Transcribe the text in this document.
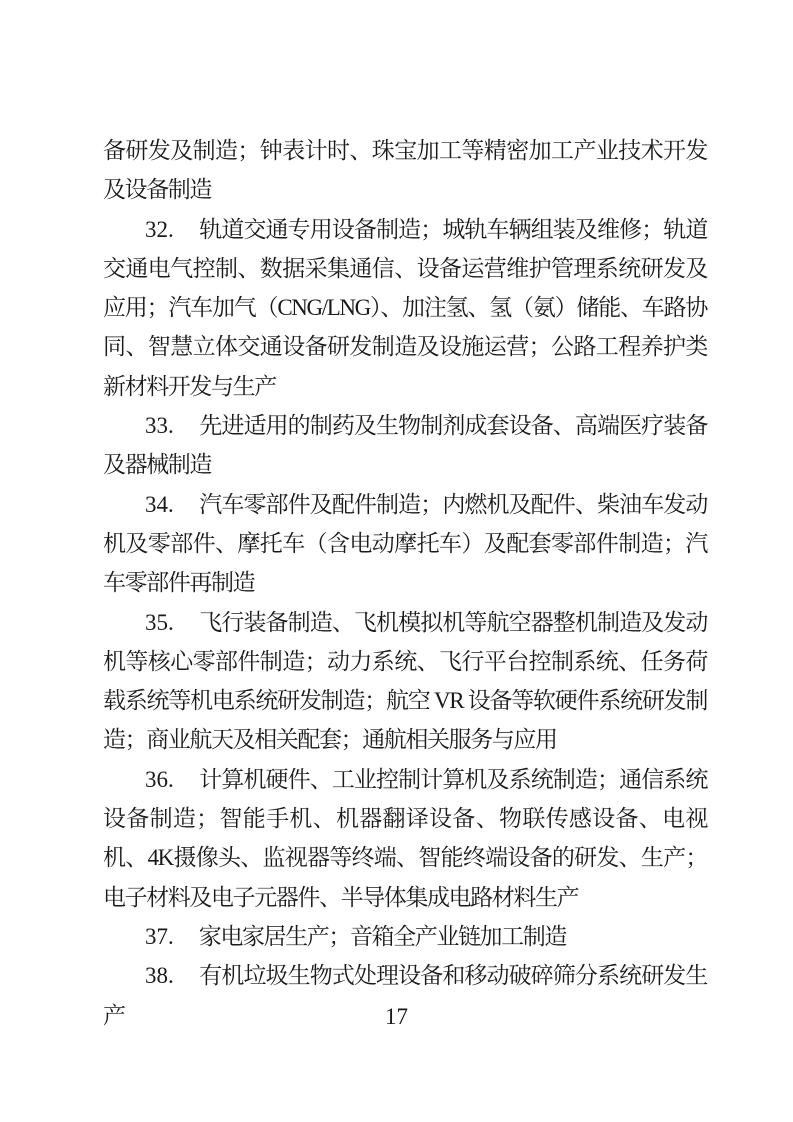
备研发及制造；钟表计时、珠宝加工等精密加工产业技术开发及设备制造

32. 轨道交通专用设备制造；城轨车辆组装及维修；轨道交通电气控制、数据采集通信、设备运营维护管理系统研发及应用；汽车加气（CNG/LNG）、加注氢、氢（氨）储能、车路协同、智慧立体交通设备研发制造及设施运营；公路工程养护类新材料开发与生产

33. 先进适用的制药及生物制剂成套设备、高端医疗装备及器械制造

34. 汽车零部件及配件制造；内燃机及配件、柴油车发动机及零部件、摩托车（含电动摩托车）及配套零部件制造；汽车零部件再制造

35. 飞行装备制造、飞机模拟机等航空器整机制造及发动机等核心零部件制造；动力系统、飞行平台控制系统、任务荷载系统等机电系统研发制造；航空 VR 设备等软硬件系统研发制造；商业航天及相关配套；通航相关服务与应用

36. 计算机硬件、工业控制计算机及系统制造；通信系统设备制造；智能手机、机器翻译设备、物联传感设备、电视机、4K摄像头、监视器等终端、智能终端设备的研发、生产；电子材料及电子元器件、半导体集成电路材料生产

37. 家电家居生产；音箱全产业链加工制造

38. 有机垃圾生物式处理设备和移动破碎筛分系统研发生产	17
